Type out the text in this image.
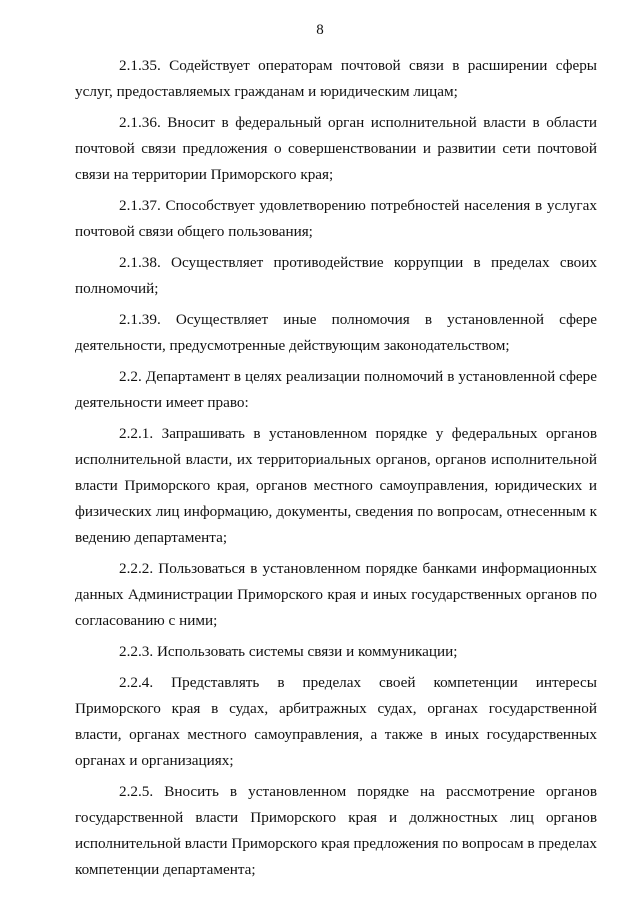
8

2.1.35. Содействует операторам почтовой связи в расширении сферы услуг, предоставляемых гражданам и юридическим лицам;

2.1.36. Вносит в федеральный орган исполнительной власти в области почтовой связи предложения о совершенствовании и развитии сети почтовой связи на территории Приморского края;

2.1.37. Способствует удовлетворению потребностей населения в услугах почтовой связи общего пользования;

2.1.38. Осуществляет противодействие коррупции в пределах своих полномочий;

2.1.39. Осуществляет иные полномочия в установленной сфере деятельности, предусмотренные действующим законодательством;

2.2. Департамент в целях реализации полномочий в установленной сфере деятельности имеет право:

2.2.1. Запрашивать в установленном порядке у федеральных органов исполнительной власти, их территориальных органов, органов исполнительной власти Приморского края, органов местного самоуправления, юридических и физических лиц информацию, документы, сведения по вопросам, отнесенным к ведению департамента;

2.2.2. Пользоваться в установленном порядке банками информационных данных Администрации Приморского края и иных государственных органов по согласованию с ними;

2.2.3. Использовать системы связи и коммуникации;

2.2.4. Представлять в пределах своей компетенции интересы Приморского края в судах, арбитражных судах, органах государственной власти, органах местного самоуправления, а также в иных государственных органах и организациях;

2.2.5. Вносить в установленном порядке на рассмотрение органов государственной власти Приморского края и должностных лиц органов исполнительной власти Приморского края предложения по вопросам в пределах компетенции департамента;
